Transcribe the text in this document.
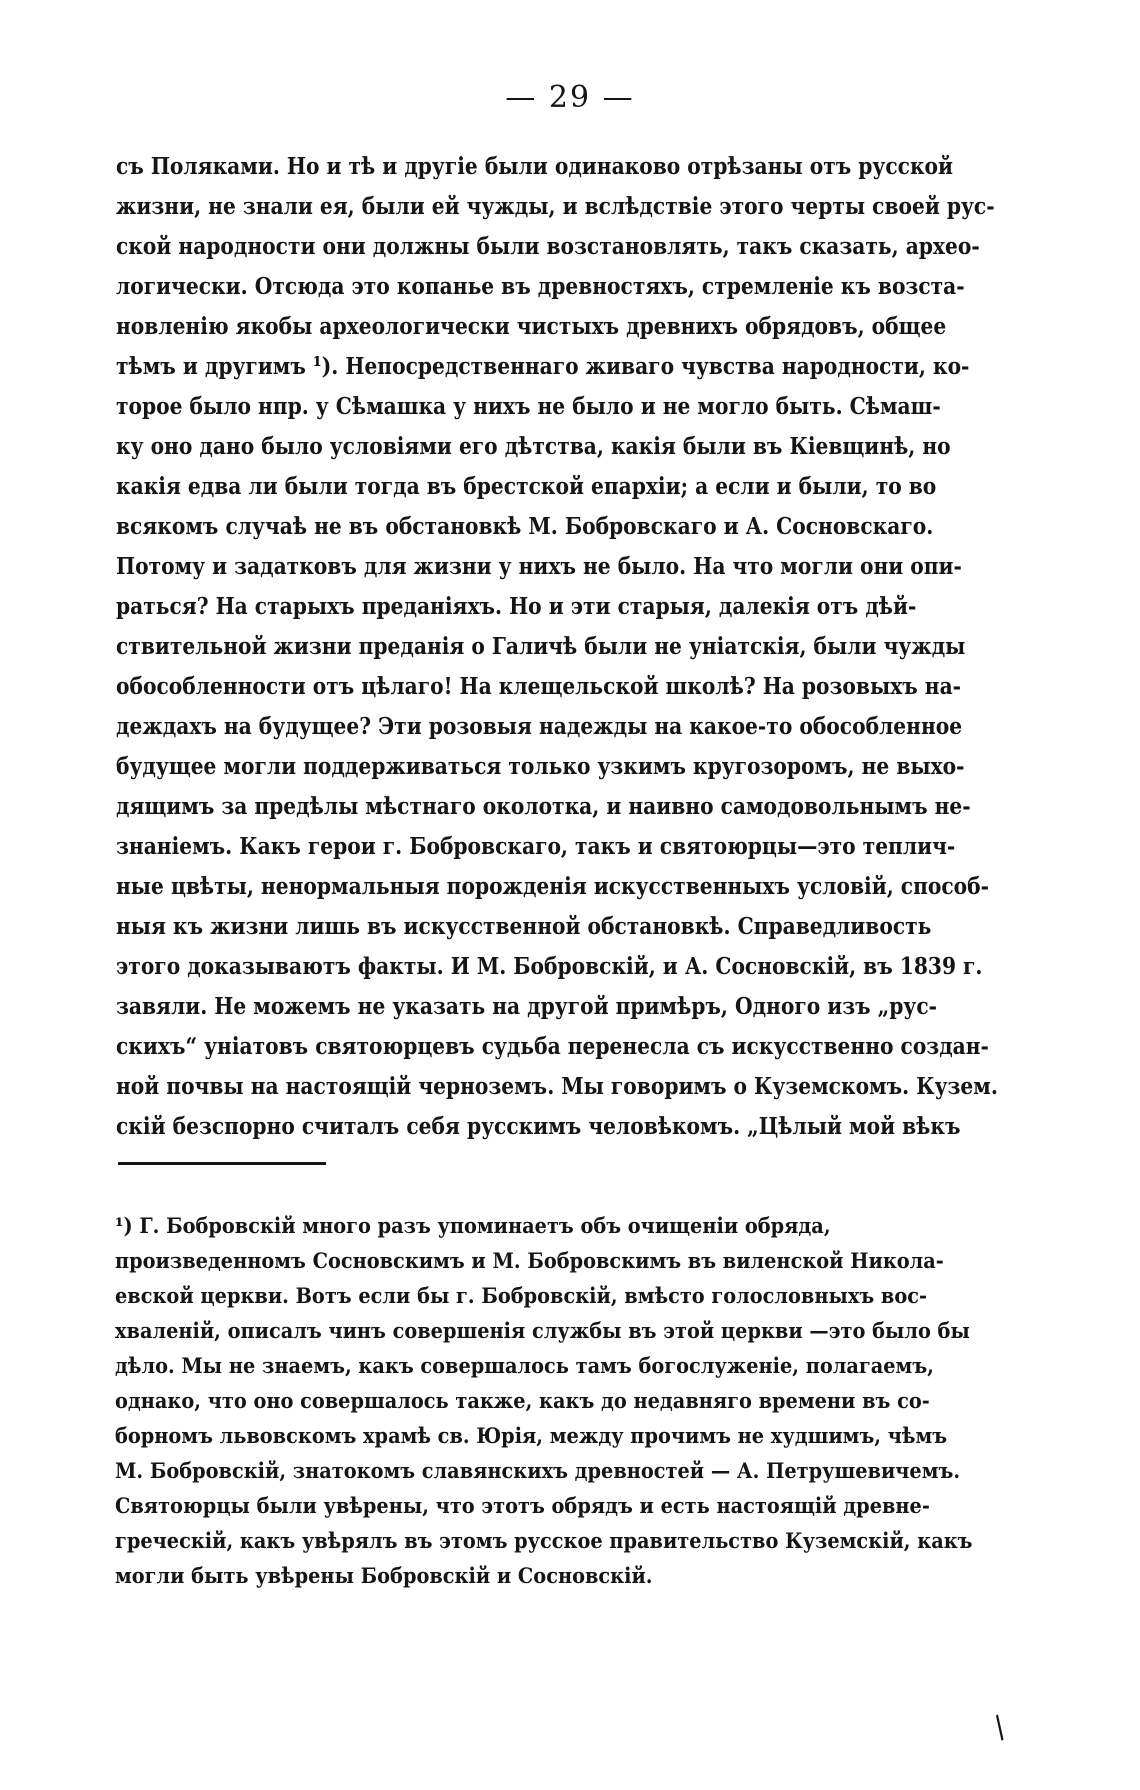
— 29 —
съ Поляками. Но и тѣ и другіе были одинаково отрѣзаны отъ русской
жизни, не знали ея, были ей чужды, и вслѣдствіе этого черты своей рус-
ской народности они должны были возстановлять, такъ сказать, архео-
логически. Отсюда это копанье въ древностяхъ, стремленіе къ возста-
новленію якобы археологически чистыхъ древнихъ обрядовъ, общее
тѣмъ и другимъ ¹). Непосредственнаго живаго чувства народности, ко-
торое было нпр. у Сѣмашка у нихъ не было и не могло быть. Сѣмаш-
ку оно дано было условіями его дѣтства, какія были въ Кіевщинѣ, но
какія едва ли были тогда въ брестской епархіи; а если и были, то во
всякомъ случаѣ не въ обстановкѣ М. Бобровскаго и А. Сосновскаго.
Потому и задатковъ для жизни у нихъ не было. На что могли они опи-
раться? На старыхъ преданіяхъ. Но и эти старыя, далекія отъ дѣй-
ствительной жизни преданія о Галичѣ были не уніатскія, были чужды
обособленности отъ цѣлаго! На клещельской школѣ? На розовыхъ на-
деждахъ на будущее? Эти розовыя надежды на какое-то обособленное
будущее могли поддерживаться только узкимъ кругозоромъ, не выхо-
дящимъ за предѣлы мѣстнаго околотка, и наивно самодовольнымъ не-
знаніемъ. Какъ герои г. Бобровскаго, такъ и святоюрцы—это теплич-
ные цвѣты, ненормальныя порожденія искусственныхъ условій, способ-
ныя къ жизни лишь въ искусственной обстановкѣ. Справедливость
этого доказываютъ факты. И М. Бобровскій, и А. Сосновскій, въ 1839 г.
завяли. Не можемъ не указать на другой примѣръ, Одного изъ „рус-
скихъ“ уніатовъ святоюрцевъ судьба перенесла съ искусственно создан-
ной почвы на настоящій черноземъ. Мы говоримъ о Куземскомъ. Кузем.
скій безспорно считалъ себя русскимъ человѣкомъ. „Цѣлый мой вѣкъ
¹) Г. Бобровскій много разъ упоминаетъ объ очищеніи обряда,
произведенномъ Сосновскимъ и М. Бобровскимъ въ виленской Никола-
евской церкви. Вотъ если бы г. Бобровскій, вмѣсто голословныхъ вос-
хваленій, описалъ чинъ совершенія службы въ этой церкви —это было бы
дѣло. Мы не знаемъ, какъ совершалось тамъ богослуженіе, полагаемъ,
однако, что оно совершалось также, какъ до недавняго времени въ со-
борномъ львовскомъ храмѣ св. Юрія, между прочимъ не худшимъ, чѣмъ
М. Бобровскій, знатокомъ славянскихъ древностей — А. Петрушевичемъ.
Святоюрцы были увѣрены, что этотъ обрядъ и есть настоящій древне-
греческій, какъ увѣрялъ въ этомъ русское правительство Куземскій, какъ
могли быть увѣрены Бобровскій и Сосновскій.
/
